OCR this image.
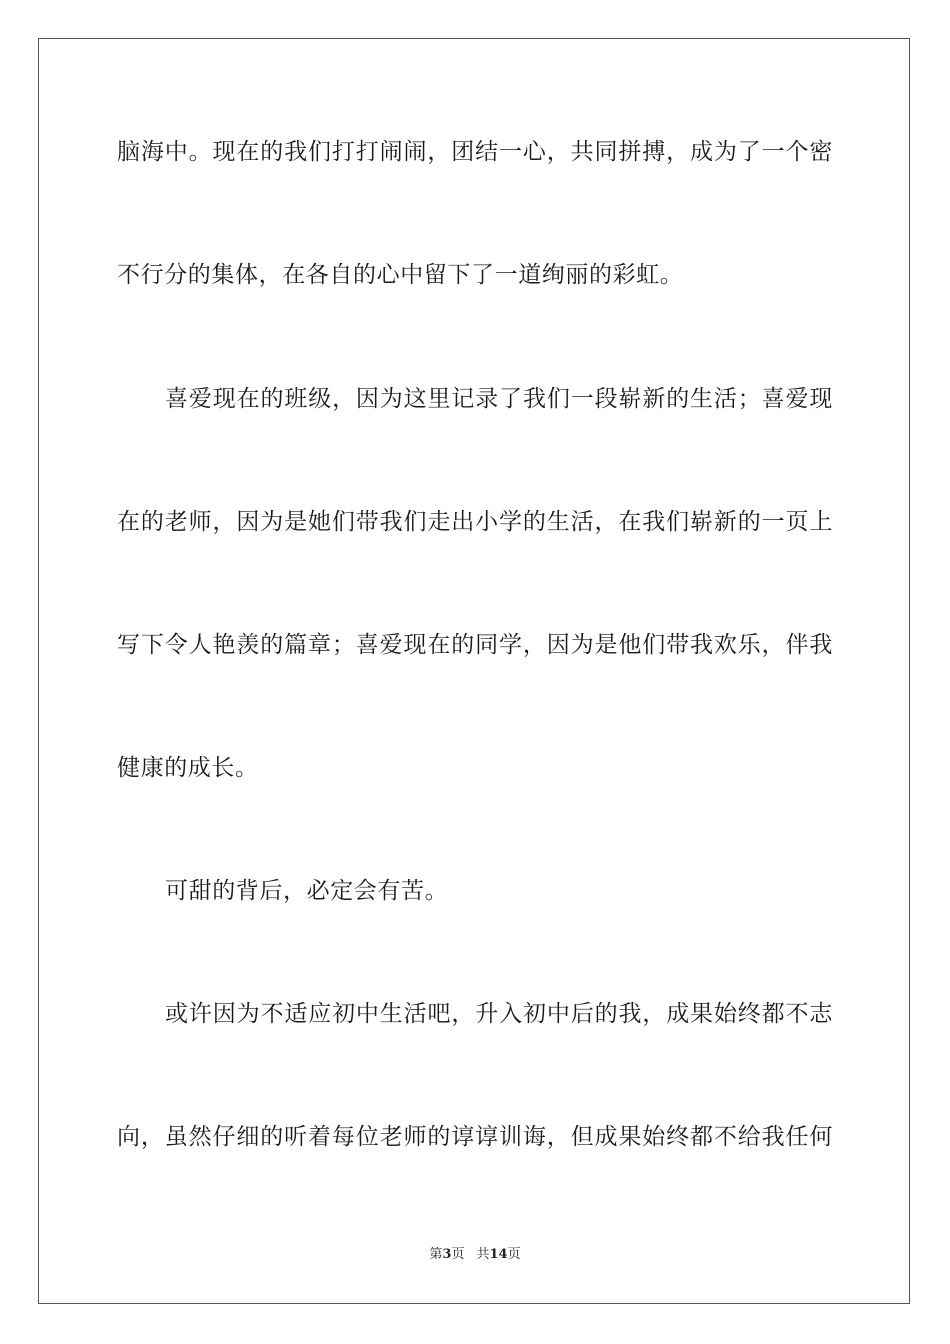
脑海中。现在的我们打打闹闹，团结一心，共同拼搏，成为了一个密
不行分的集体，在各自的心中留下了一道绚丽的彩虹。
喜爱现在的班级，因为这里记录了我们一段崭新的生活；喜爱现
在的老师，因为是她们带我们走出小学的生活，在我们崭新的一页上
写下令人艳羡的篇章；喜爱现在的同学，因为是他们带我欢乐，伴我
健康的成长。
可甜的背后，必定会有苦。
或许因为不适应初中生活吧，升入初中后的我，成果始终都不志
向，虽然仔细的听着每位老师的谆谆训诲，但成果始终都不给我任何
第3页 共14页
